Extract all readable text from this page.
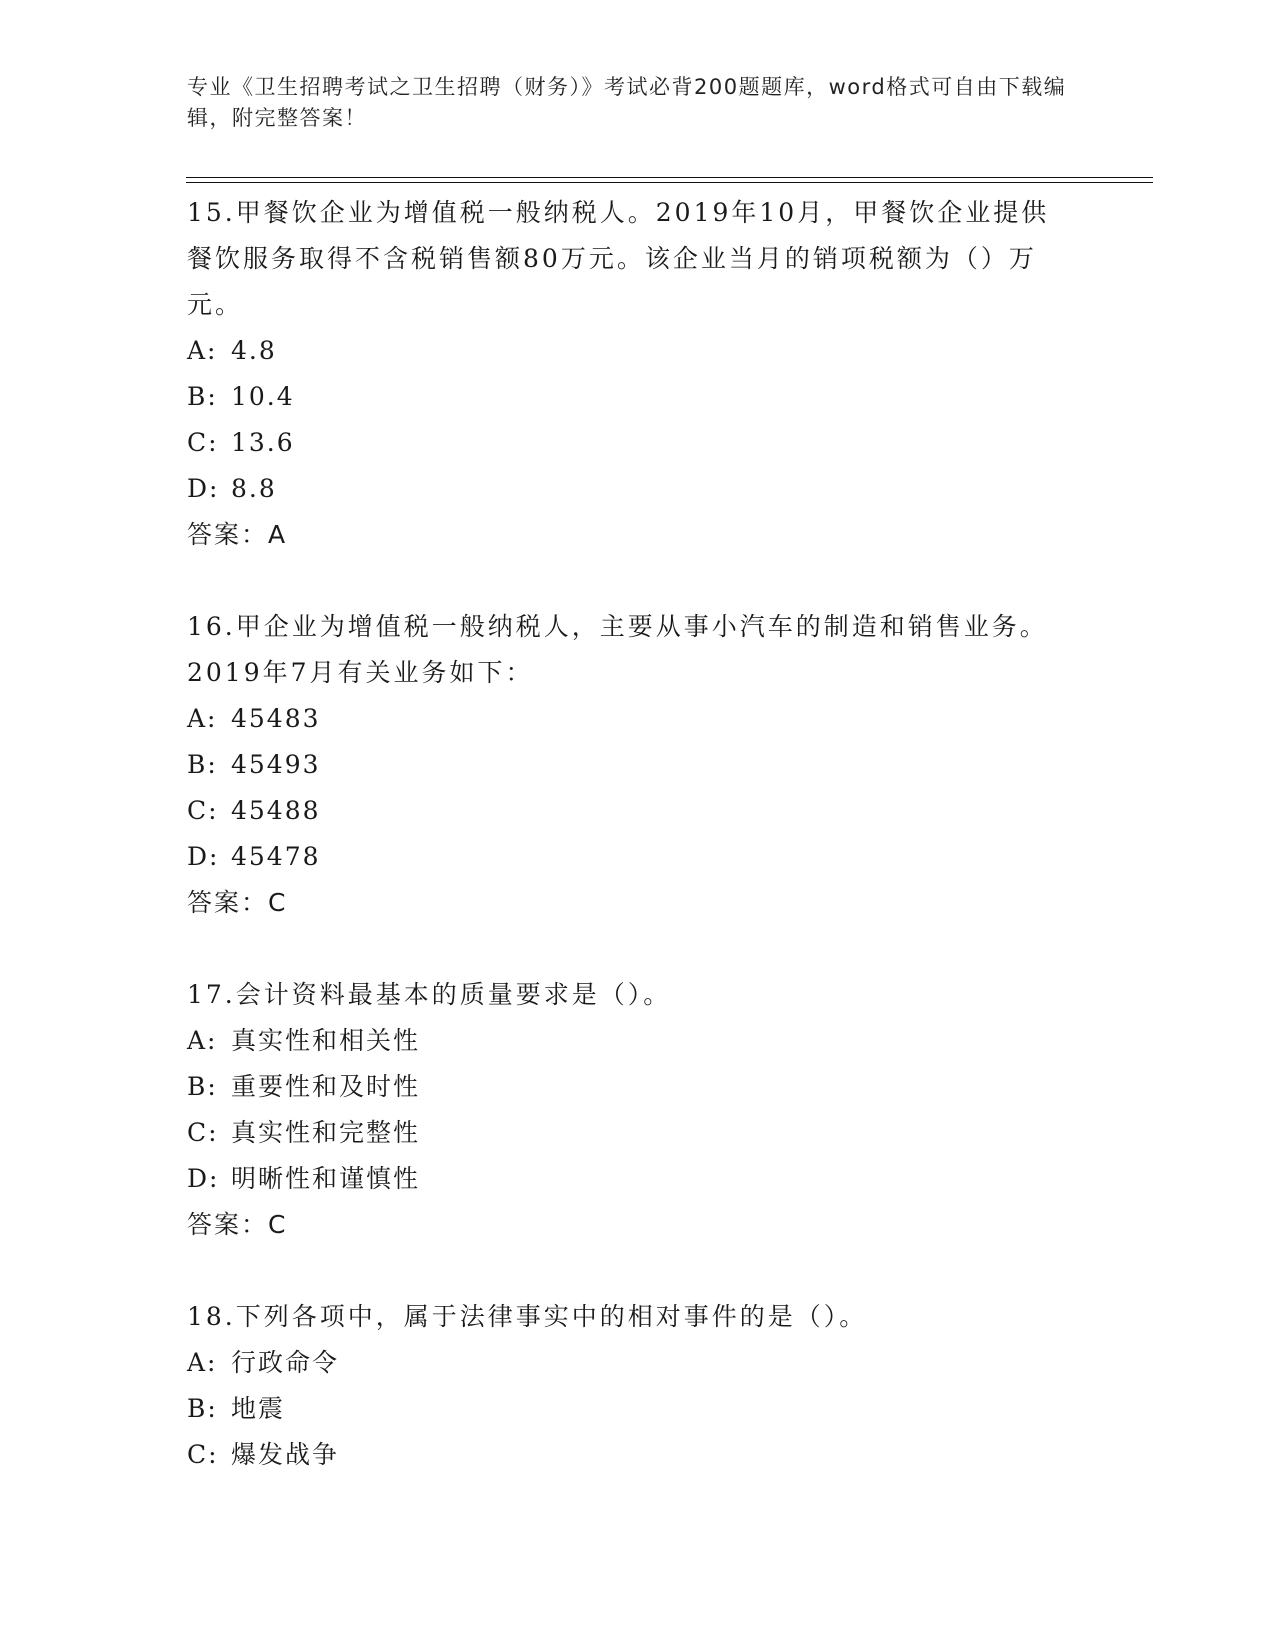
专业《卫生招聘考试之卫生招聘（财务）》考试必背200题题库，word格式可自由下载编辑，附完整答案！

15.甲餐饮企业为增值税一般纳税人。2019年10月，甲餐饮企业提供餐饮服务取得不含税销售额80万元。该企业当月的销项税额为（）万元。

A: 4.8

B: 10.4

C: 13.6

D: 8.8

答案：A

16.甲企业为增值税一般纳税人，主要从事小汽车的制造和销售业务。2019年7月有关业务如下：

A: 45483

B: 45493

C: 45488

D: 45478

答案：C

17.会计资料最基本的质量要求是（）。

A: 真实性和相关性

B: 重要性和及时性

C: 真实性和完整性

D: 明晰性和谨慎性

答案：C

18.下列各项中，属于法律事实中的相对事件的是（）。

A: 行政命令

B: 地震

C: 爆发战争
